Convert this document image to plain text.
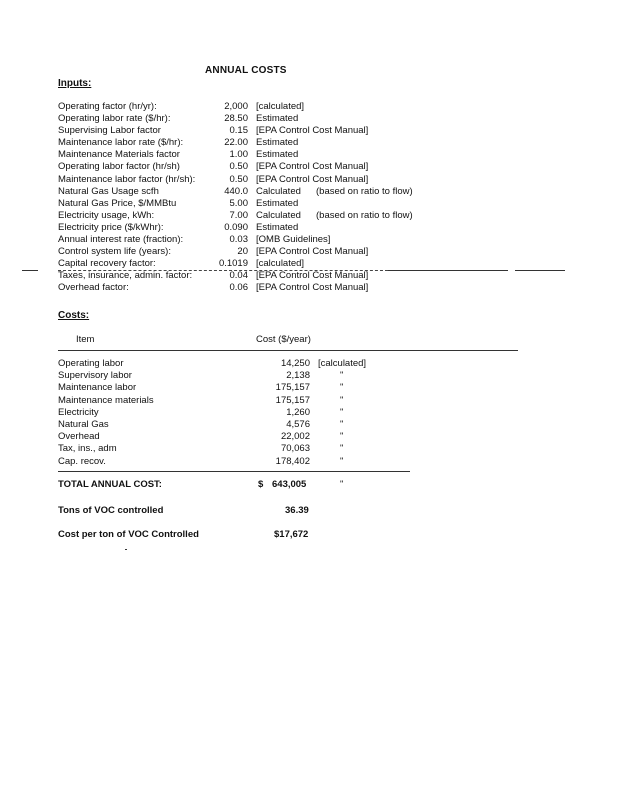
ANNUAL COSTS
Inputs:
Operating factor (hr/yr):	2,000 [calculated]
Operating labor rate ($/hr):	28.50 Estimated
Supervising Labor factor	0.15 [EPA Control Cost Manual]
Maintenance labor rate ($/hr):	22.00 Estimated
Maintenance Materials factor	1.00 Estimated
Operating labor factor (hr/sh)	0.50 [EPA Control Cost Manual]
Maintenance labor factor (hr/sh):	0.50 [EPA Control Cost Manual]
Natural Gas Usage scfh	440.0 Calculated (based on ratio to flow)
Natural Gas Price, $/MMBtu	5.00 Estimated
Electricity usage, kWh:	7.00 Calculated (based on ratio to flow)
Electricity price ($/kWhr):	0.090 Estimated
Annual interest rate (fraction):	0.03 [OMB Guidelines]
Control system life (years):	20 [EPA Control Cost Manual]
Capital recovery factor:	0.1019 [calculated]
Taxes, insurance, admin. factor:	0.04 [EPA Control Cost Manual]
Overhead factor:	0.06 [EPA Control Cost Manual]
Costs:
Item	Cost ($/year)
Operating labor	14,250 [calculated]
Supervisory labor	2,138	"
Maintenance labor	175,157	"
Maintenance materials	175,157	"
Electricity	1,260	"
Natural Gas	4,576	"
Overhead	22,002	"
Tax, ins., adm	70,063	"
Cap. recov.	178,402	"
TOTAL ANNUAL COST:	$ 643,005	"
Tons of VOC controlled	36.39
Cost per ton of VOC Controlled	$17,672
